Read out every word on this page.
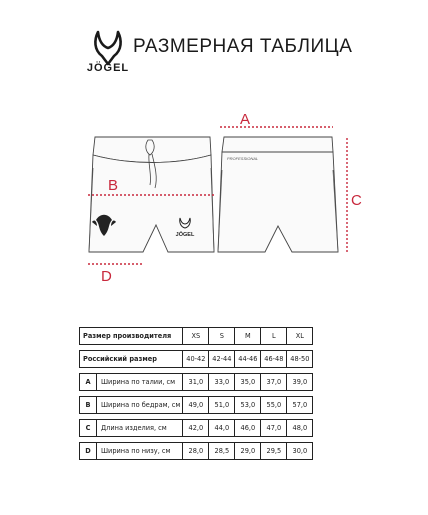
JÖGEL
РАЗМЕРНАЯ ТАБЛИЦА
JÖGEL
B
D
PROFESSIONAL
A
C
Размер производителя		XS	S	M	L	XL

Российский размер		40-42	42-44	44-46	46-48	48-50

A	Ширина по талии, см	31,0	33,0	35,0	37,0	39,0

B	Ширина по бедрам, см	49,0	51,0	53,0	55,0	57,0

C	Длина изделия, см	42,0	44,0	46,0	47,0	48,0

D	Ширина по низу, см	28,0	28,5	29,0	29,5	30,0
